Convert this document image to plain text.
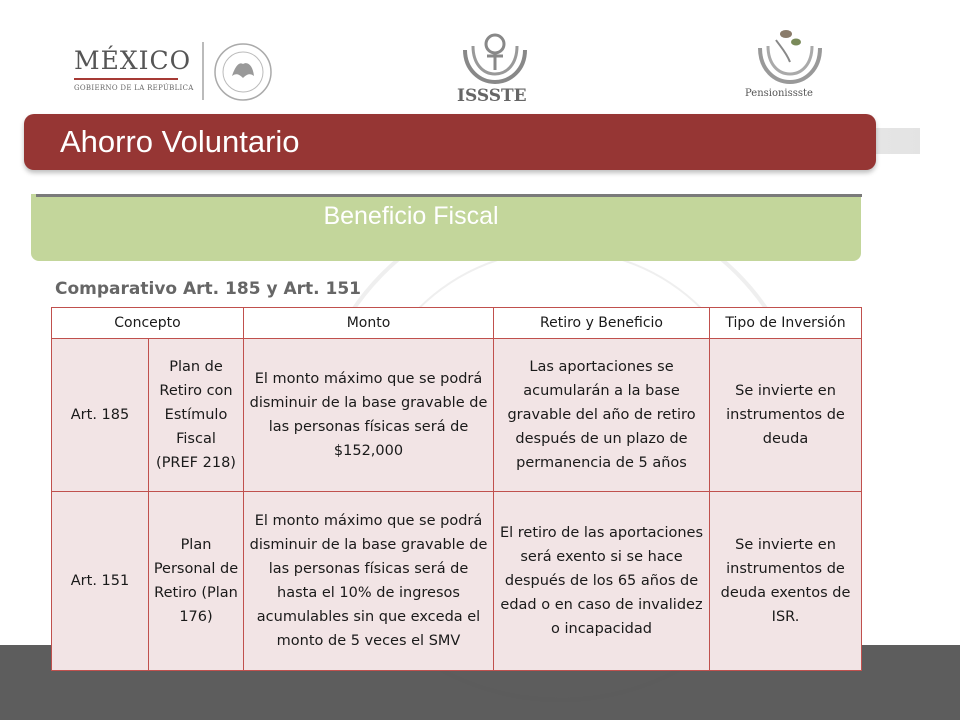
MÉXICO
GOBIERNO DE LA REPÚBLICA	ISSSTE	Pensionissste
Ahorro Voluntario
Beneficio Fiscal
Comparativo Art. 185 y Art. 151
Concepto		Monto	Retiro y Beneficio	Tipo de Inversión
Art. 185	Plan de Retiro con Estímulo Fiscal (PREF 218)	El monto máximo que se podrá disminuir de la base gravable de las personas físicas será de $152,000	Las aportaciones se acumularán a la base gravable del año de retiro después de un plazo de permanencia de 5 años	Se invierte en instrumentos de deuda
Art. 151	Plan Personal de Retiro (Plan 176)	El monto máximo que se podrá disminuir de la base gravable de las personas físicas será de hasta el 10% de ingresos acumulables sin que exceda el monto de 5 veces el SMV	El retiro de las aportaciones será exento si se hace después de los 65 años de edad o en caso de invalidez o incapacidad	Se invierte en instrumentos de deuda exentos de ISR.
